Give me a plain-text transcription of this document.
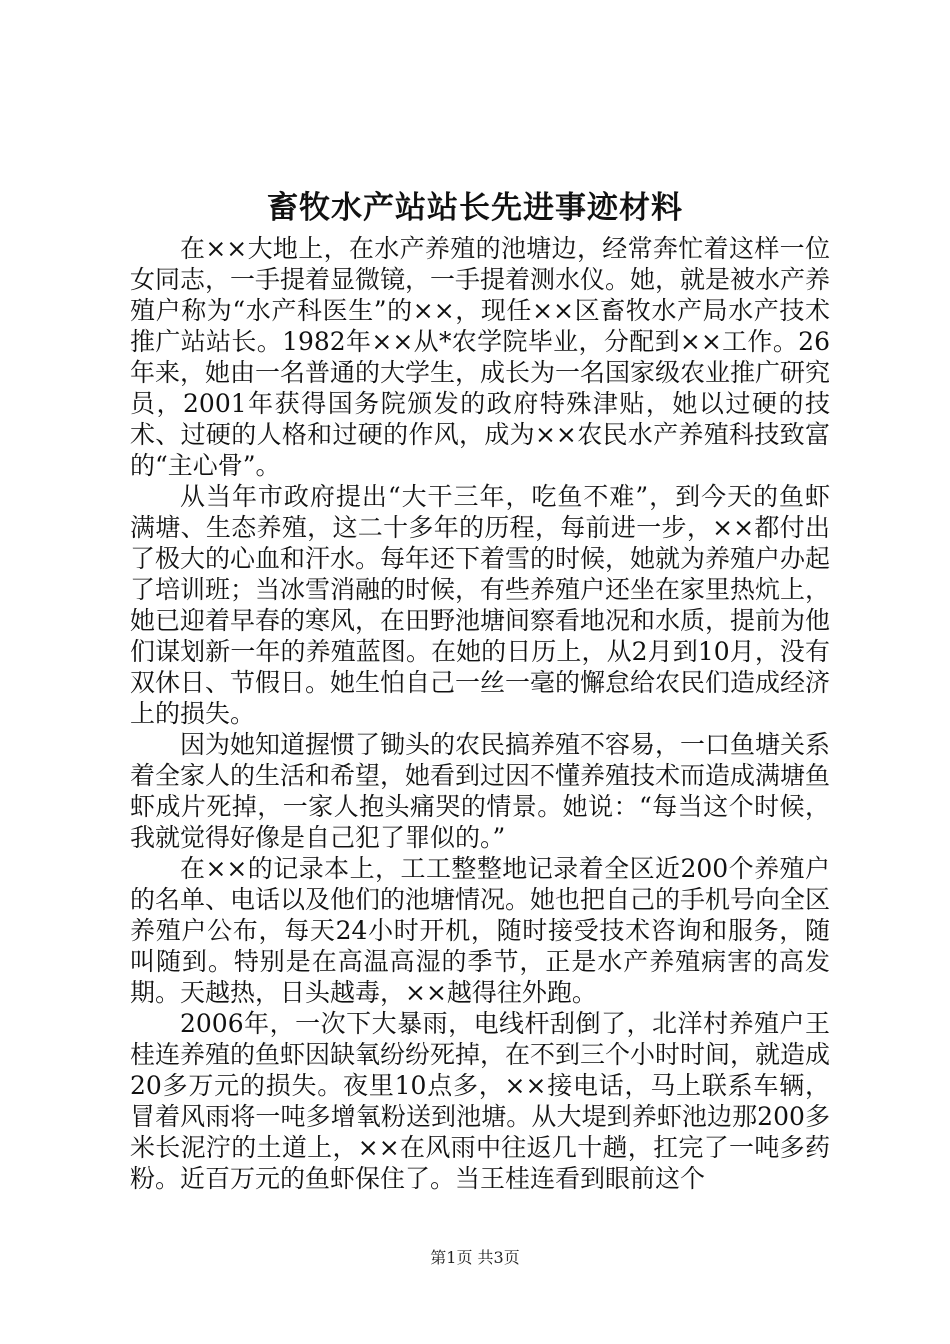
畜牧水产站站长先进事迹材料

在××大地上，在水产养殖的池塘边，经常奔忙着这样一位女同志，一手提着显微镜，一手提着测水仪。她，就是被水产养殖户称为“水产科医生”的××，现任××区畜牧水产局水产技术推广站站长。1982年××从*农学院毕业，分配到××工作。26年来，她由一名普通的大学生，成长为一名国家级农业推广研究员，2001年获得国务院颁发的政府特殊津贴，她以过硬的技术、过硬的人格和过硬的作风，成为××农民水产养殖科技致富的“主心骨”。

从当年市政府提出“大干三年，吃鱼不难”，到今天的鱼虾满塘、生态养殖，这二十多年的历程，每前进一步，××都付出了极大的心血和汗水。每年还下着雪的时候，她就为养殖户办起了培训班；当冰雪消融的时候，有些养殖户还坐在家里热炕上，她已迎着早春的寒风，在田野池塘间察看地况和水质，提前为他们谋划新一年的养殖蓝图。在她的日历上，从2月到10月，没有双休日、节假日。她生怕自己一丝一毫的懈怠给农民们造成经济上的损失。

因为她知道握惯了锄头的农民搞养殖不容易，一口鱼塘关系着全家人的生活和希望，她看到过因不懂养殖技术而造成满塘鱼虾成片死掉，一家人抱头痛哭的情景。她说：“每当这个时候，我就觉得好像是自己犯了罪似的。”

在××的记录本上，工工整整地记录着全区近200个养殖户的名单、电话以及他们的池塘情况。她也把自己的手机号向全区养殖户公布，每天24小时开机，随时接受技术咨询和服务，随叫随到。特别是在高温高湿的季节，正是水产养殖病害的高发期。天越热，日头越毒，××越得往外跑。

2006年，一次下大暴雨，电线杆刮倒了，北洋村养殖户王桂连养殖的鱼虾因缺氧纷纷死掉，在不到三个小时时间，就造成20多万元的损失。夜里10点多，××接电话，马上联系车辆，冒着风雨将一吨多增氧粉送到池塘。从大堤到养虾池边那200多米长泥泞的土道上，××在风雨中往返几十趟，扛完了一吨多药粉。近百万元的鱼虾保住了。当王桂连看到眼前这个

第1页 共3页
